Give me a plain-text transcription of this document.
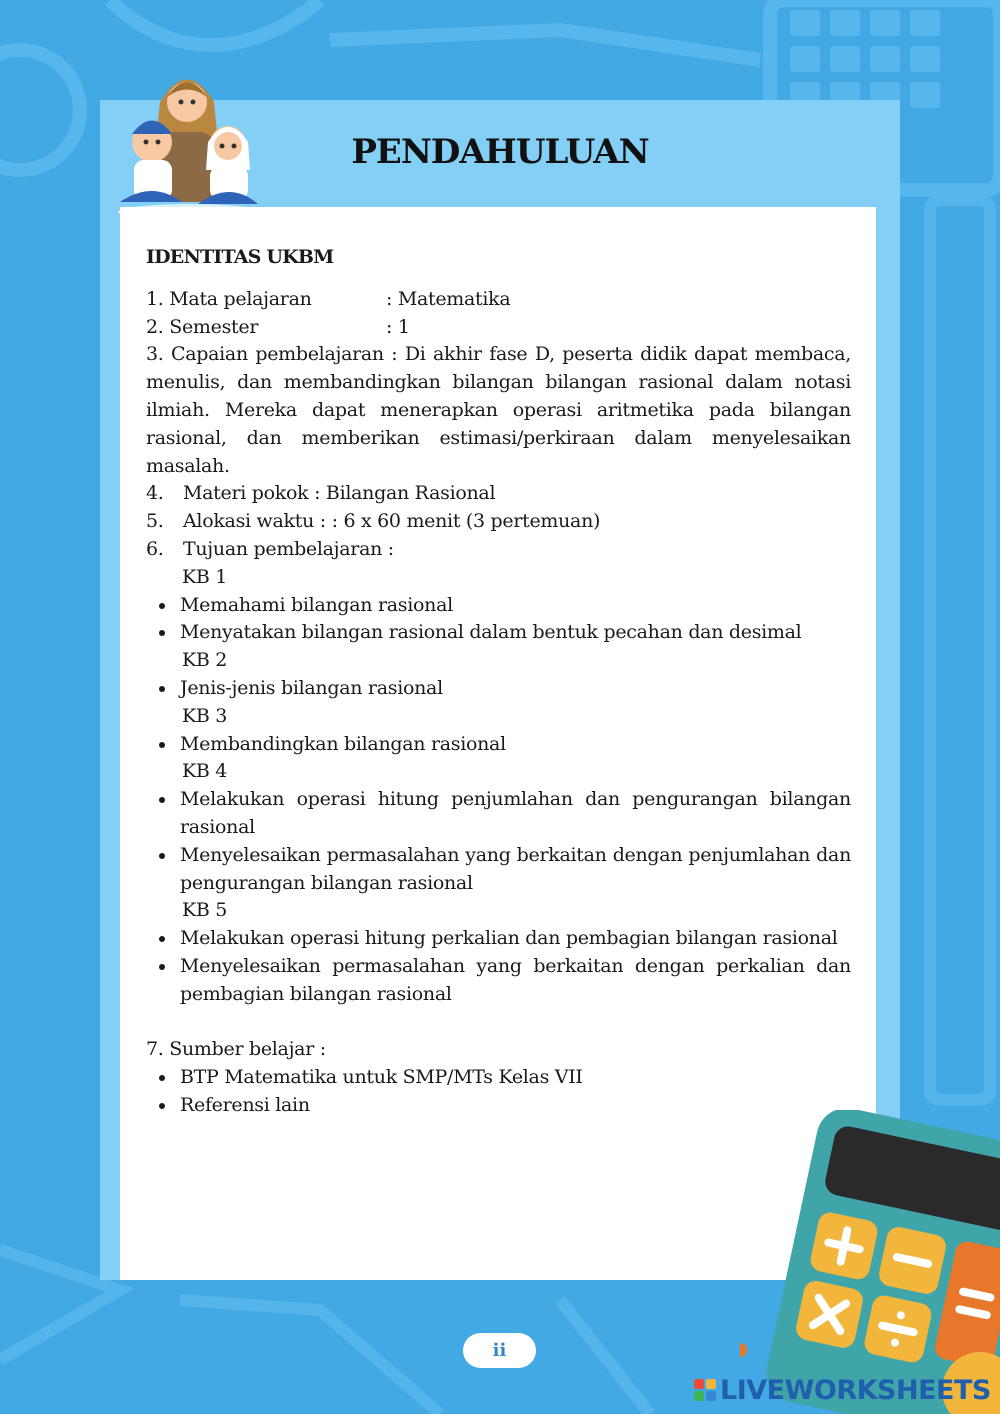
PENDAHULUAN
IDENTITAS UKBM
1. Mata pelajaran	: Matematika
2. Semester	: 1
3. Capaian pembelajaran : Di akhir fase D, peserta didik dapat membaca, menulis, dan membandingkan bilangan bilangan rasional dalam notasi ilmiah. Mereka dapat menerapkan operasi aritmetika pada bilangan rasional, dan memberikan estimasi/perkiraan dalam menyelesaikan masalah.
4.	Materi pokok : Bilangan Rasional
5.	Alokasi waktu : : 6 x 60 menit (3 pertemuan)
6.	Tujuan pembelajaran :
KB 1
Memahami bilangan rasional
Menyatakan bilangan rasional dalam bentuk pecahan dan desimal
KB 2
Jenis-jenis bilangan rasional
KB 3
Membandingkan bilangan rasional
KB 4
Melakukan operasi hitung penjumlahan dan pengurangan bilangan rasional
Menyelesaikan permasalahan yang berkaitan dengan penjumlahan dan pengurangan bilangan rasional
KB 5
Melakukan operasi hitung perkalian dan pembagian bilangan rasional
Menyelesaikan permasalahan yang berkaitan dengan perkalian dan pembagian bilangan rasional
7. Sumber belajar :
BTP Matematika untuk SMP/MTs Kelas VII
Referensi lain
ii
LIVEWORKSHEETS
